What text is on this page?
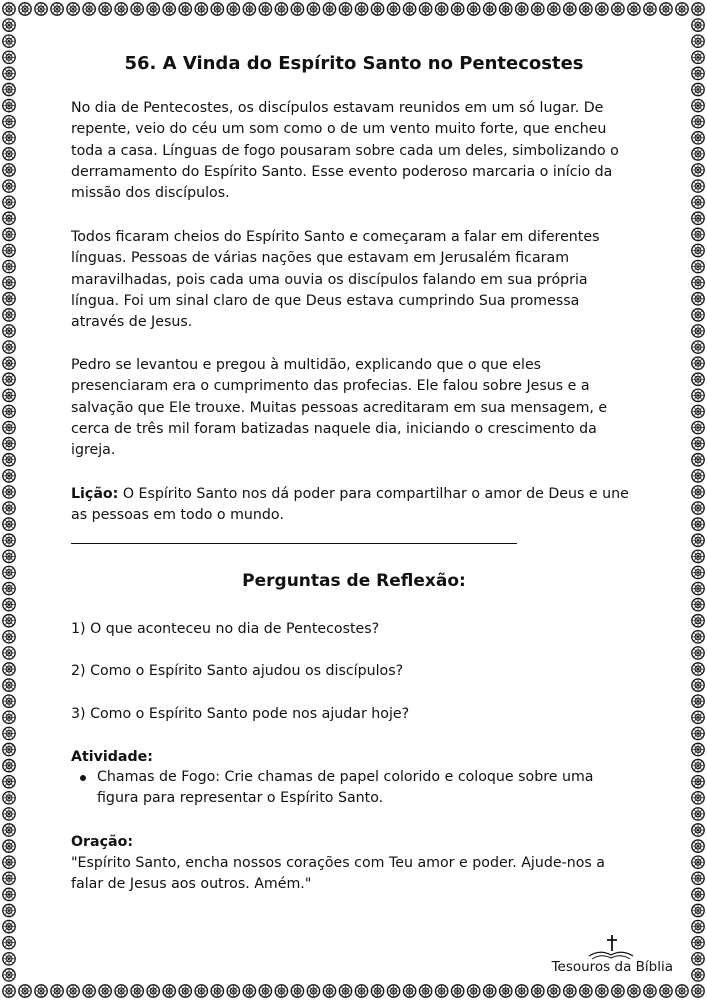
56. A Vinda do Espírito Santo no Pentecostes

No dia de Pentecostes, os discípulos estavam reunidos em um só lugar. De repente, veio do céu um som como o de um vento muito forte, que encheu toda a casa. Línguas de fogo pousaram sobre cada um deles, simbolizando o derramamento do Espírito Santo. Esse evento poderoso marcaria o início da missão dos discípulos.

Todos ficaram cheios do Espírito Santo e começaram a falar em diferentes línguas. Pessoas de várias nações que estavam em Jerusalém ficaram maravilhadas, pois cada uma ouvia os discípulos falando em sua própria língua. Foi um sinal claro de que Deus estava cumprindo Sua promessa através de Jesus.

Pedro se levantou e pregou à multidão, explicando que o que eles presenciaram era o cumprimento das profecias. Ele falou sobre Jesus e a salvação que Ele trouxe. Muitas pessoas acreditaram em sua mensagem, e cerca de três mil foram batizadas naquele dia, iniciando o crescimento da igreja.

Lição: O Espírito Santo nos dá poder para compartilhar o amor de Deus e une as pessoas em todo o mundo.

Perguntas de Reflexão:

1) O que aconteceu no dia de Pentecostes?

2) Como o Espírito Santo ajudou os discípulos?

3) Como o Espírito Santo pode nos ajudar hoje?

Atividade:

Chamas de Fogo: Crie chamas de papel colorido e coloque sobre uma figura para representar o Espírito Santo.

Oração:

"Espírito Santo, encha nossos corações com Teu amor e poder. Ajude-nos a falar de Jesus aos outros. Amém."

Tesouros da Bíblia
